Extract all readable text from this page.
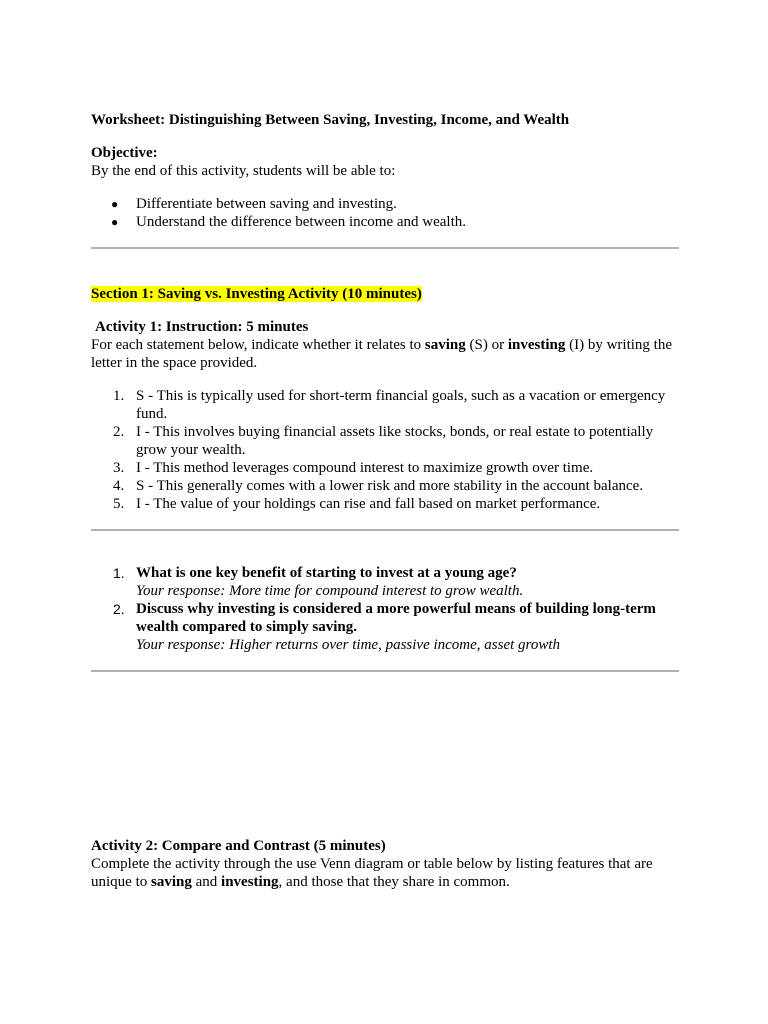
Worksheet: Distinguishing Between Saving, Investing, Income, and Wealth

Objective:

By the end of this activity, students will be able to:

● Differentiate between saving and investing.
● Understand the difference between income and wealth.
Section 1: Saving vs. Investing Activity (10 minutes)

Activity 1: Instruction: 5 minutes

For each statement below, indicate whether it relates to saving (S) or investing (I) by writing the letter in the space provided.

1. S - This is typically used for short-term financial goals, such as a vacation or emergency fund.
2. I - This involves buying financial assets like stocks, bonds, or real estate to potentially grow your wealth.
3. I - This method leverages compound interest to maximize growth over time.
4. S - This generally comes with a lower risk and more stability in the account balance.
5. I - The value of your holdings can rise and fall based on market performance.
1. What is one key benefit of starting to invest at a young age?
Your response: More time for compound interest to grow wealth.
2. Discuss why investing is considered a more powerful means of building long-term wealth compared to simply saving.
Your response: Higher returns over time, passive income, asset growth

Activity 2: Compare and Contrast (5 minutes)

Complete the activity through the use Venn diagram or table below by listing features that are unique to saving and investing, and those that they share in common.
